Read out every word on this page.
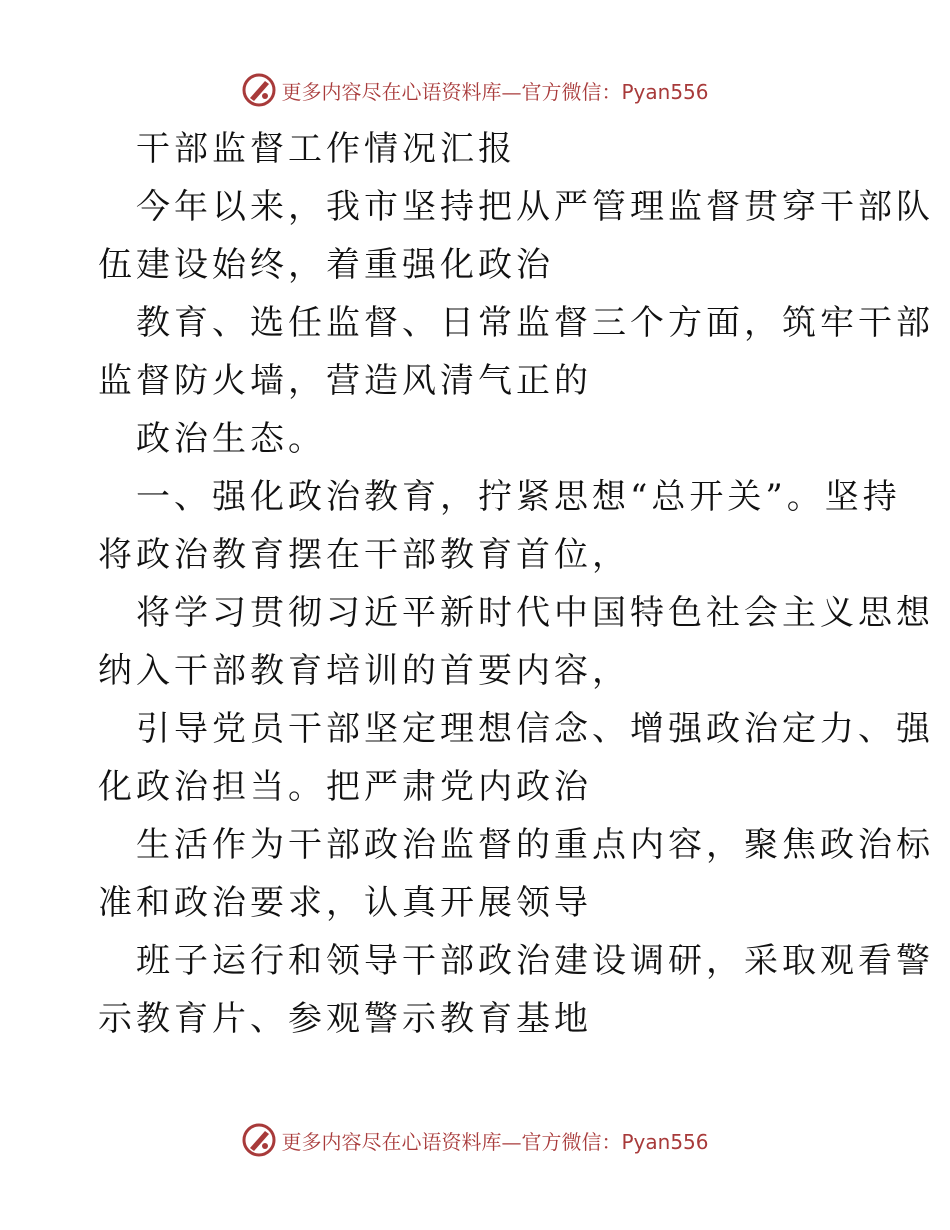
更多内容尽在心语资料库—官方微信：Pyan556

干部监督工作情况汇报

今年以来，我市坚持把从严管理监督贯穿干部队
伍建设始终，着重强化政治

教育、选任监督、日常监督三个方面，筑牢干部
监督防火墙，营造风清气正的

政治生态。

一、强化政治教育，拧紧思想“总开关”。坚持
将政治教育摆在干部教育首位，

将学习贯彻习近平新时代中国特色社会主义思想
纳入干部教育培训的首要内容，

引导党员干部坚定理想信念、增强政治定力、强
化政治担当。把严肃党内政治

生活作为干部政治监督的重点内容，聚焦政治标
准和政治要求，认真开展领导

班子运行和领导干部政治建设调研，采取观看警
示教育片、参观警示教育基地

更多内容尽在心语资料库—官方微信：Pyan556
